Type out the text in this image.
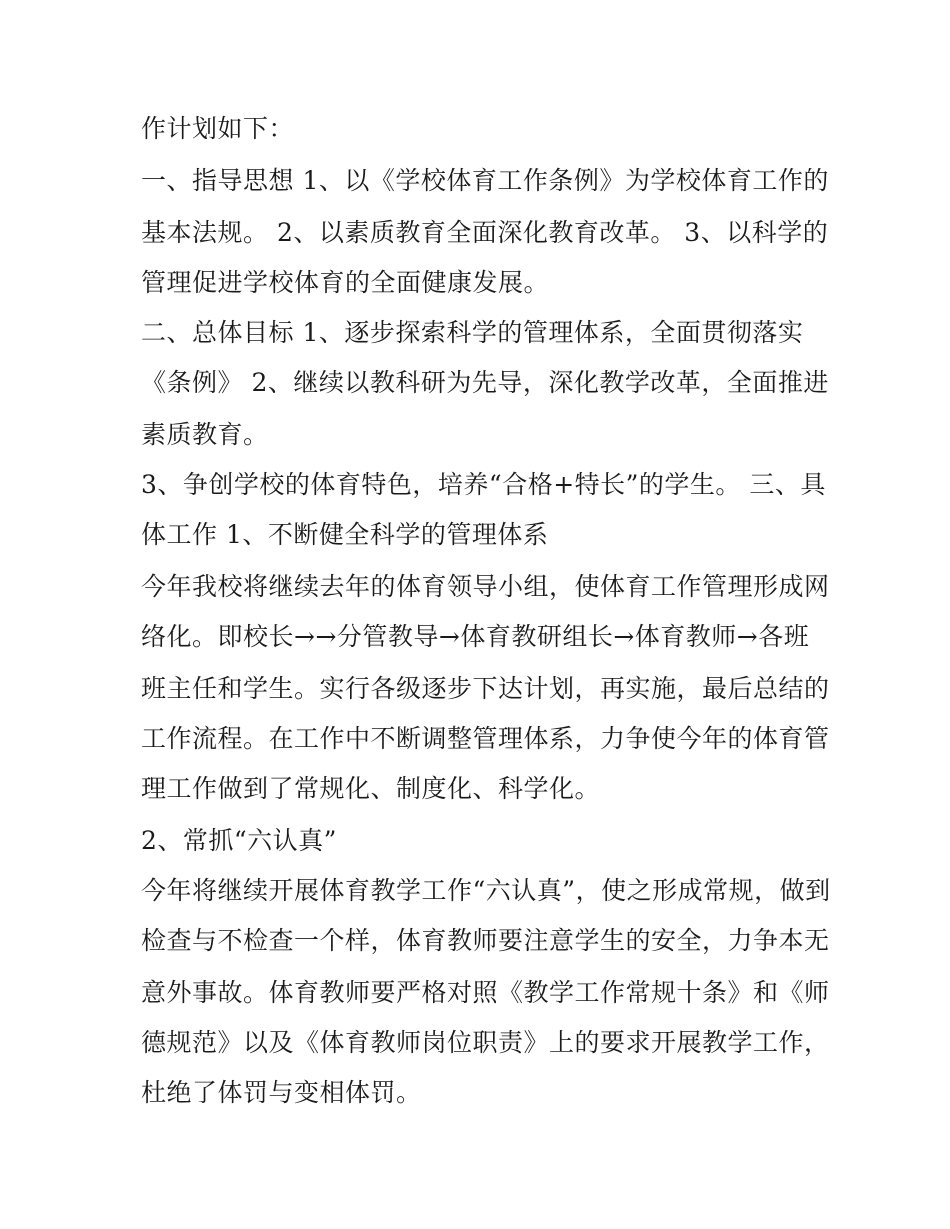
作计划如下：
一、指导思想 1、以《学校体育工作条例》为学校体育工作的
基本法规。 2、以素质教育全面深化教育改革。 3、以科学的
管理促进学校体育的全面健康发展。
二、总体目标 1、逐步探索科学的管理体系，全面贯彻落实
《条例》 2、继续以教科研为先导，深化教学改革，全面推进
素质教育。
3、争创学校的体育特色，培养“合格+特长”的学生。 三、具
体工作 1、不断健全科学的管理体系
今年我校将继续去年的体育领导小组，使体育工作管理形成网
络化。即校长→→分管教导→体育教研组长→体育教师→各班
班主任和学生。实行各级逐步下达计划，再实施，最后总结的
工作流程。在工作中不断调整管理体系，力争使今年的体育管
理工作做到了常规化、制度化、科学化。
2、常抓“六认真”
今年将继续开展体育教学工作“六认真”，使之形成常规，做到
检查与不检查一个样，体育教师要注意学生的安全，力争本无
意外事故。体育教师要严格对照《教学工作常规十条》和《师
德规范》以及《体育教师岗位职责》上的要求开展教学工作，
杜绝了体罚与变相体罚。
